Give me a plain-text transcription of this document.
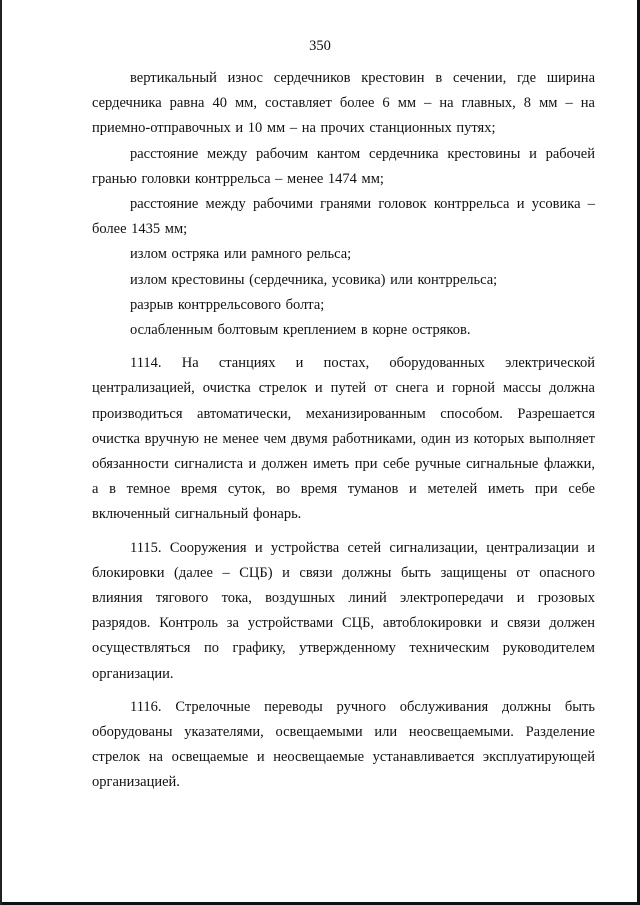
350

вертикальный износ сердечников крестовин в сечении, где ширина сердечника равна 40 мм, составляет более 6 мм – на главных, 8 мм – на приемно-отправочных и 10 мм – на прочих станционных путях;

расстояние между рабочим кантом сердечника крестовины и рабочей гранью головки контррельса – менее 1474 мм;

расстояние между рабочими гранями головок контррельса и усовика – более 1435 мм;

излом остряка или рамного рельса;

излом крестовины (сердечника, усовика) или контррельса;

разрыв контррельсового болта;

ослабленным болтовым креплением в корне остряков.

1114. На станциях и постах, оборудованных электрической централизацией, очистка стрелок и путей от снега и горной массы должна производиться автоматически, механизированным способом. Разрешается очистка вручную не менее чем двумя работниками, один из которых выполняет обязанности сигналиста и должен иметь при себе ручные сигнальные флажки, а в темное время суток, во время туманов и метелей иметь при себе включенный сигнальный фонарь.

1115. Сооружения и устройства сетей сигнализации, централизации и блокировки (далее – СЦБ) и связи должны быть защищены от опасного влияния тягового тока, воздушных линий электропередачи и грозовых разрядов. Контроль за устройствами СЦБ, автоблокировки и связи должен осуществляться по графику, утвержденному техническим руководителем организации.

1116. Стрелочные переводы ручного обслуживания должны быть оборудованы указателями, освещаемыми или неосвещаемыми. Разделение стрелок на освещаемые и неосвещаемые устанавливается эксплуатирующей организацией.
